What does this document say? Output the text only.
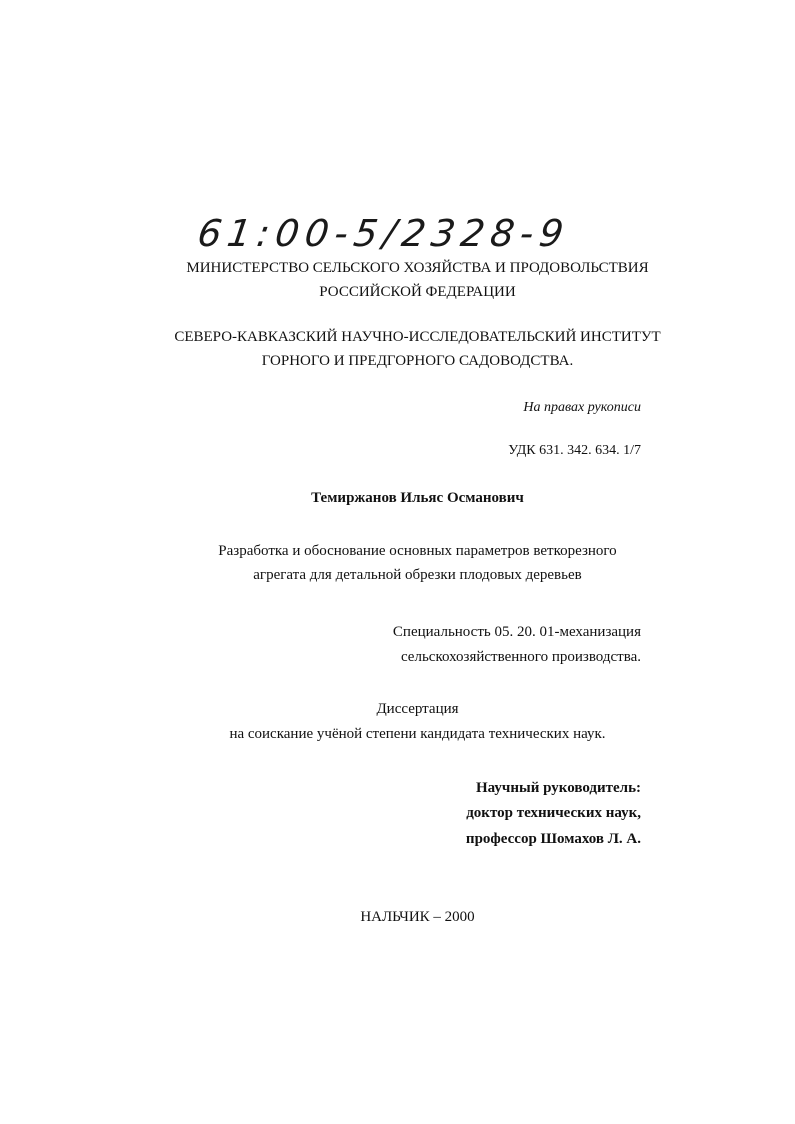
61:00-5/2328-9
МИНИСТЕРСТВО СЕЛЬСКОГО ХОЗЯЙСТВА И ПРОДОВОЛЬСТВИЯ
РОССИЙСКОЙ ФЕДЕРАЦИИ
СЕВЕРО-КАВКАЗСКИЙ НАУЧНО-ИССЛЕДОВАТЕЛЬСКИЙ ИНСТИТУТ
ГОРНОГО И ПРЕДГОРНОГО САДОВОДСТВА.
На правах рукописи
УДК 631. 342. 634. 1/7
Темиржанов Ильяс Османович
Разработка и обоснование основных параметров веткорезного
агрегата для детальной обрезки плодовых деревьев
Специальность 05. 20. 01-механизация
сельскохозяйственного производства.
Диссертация
на соискание учёной степени кандидата технических наук.
Научный руководитель:
доктор технических наук,
профессор Шомахов Л. А.
НАЛЬЧИК – 2000
